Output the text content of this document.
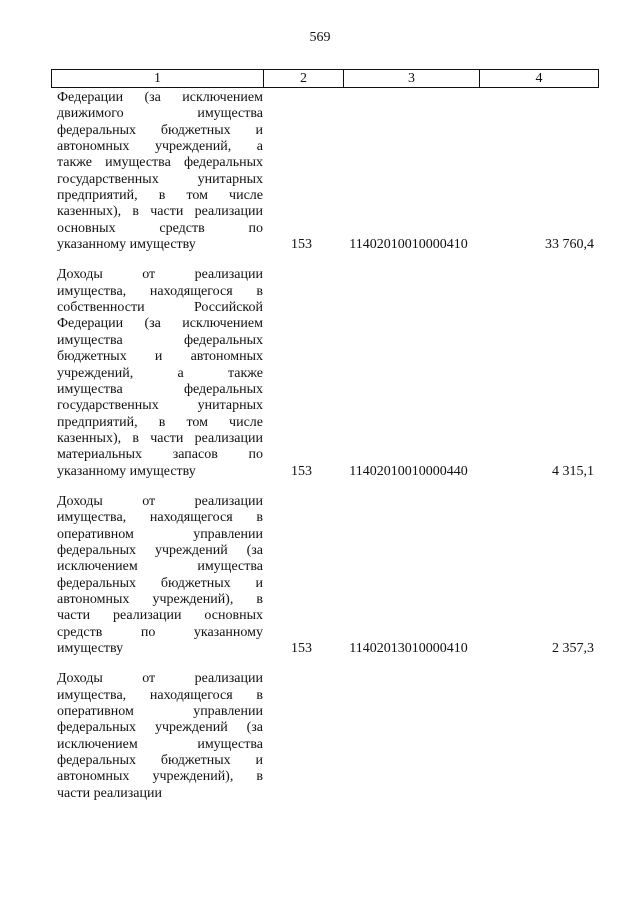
569
1	2	3	4
Федерации (за исключением
движимого имущества
федеральных бюджетных и
автономных учреждений, а
также имущества федеральных
государственных унитарных
предприятий, в том числе
казенных), в части реализации
основных средств по
указанному имуществу	153	11402010010000410	33 760,4
Доходы от реализации
имущества, находящегося в
собственности Российской
Федерации (за исключением
имущества федеральных
бюджетных и автономных
учреждений, а также
имущества федеральных
государственных унитарных
предприятий, в том числе
казенных), в части реализации
материальных запасов по
указанному имуществу	153	11402010010000440	4 315,1
Доходы от реализации
имущества, находящегося в
оперативном управлении
федеральных учреждений (за
исключением имущества
федеральных бюджетных и
автономных учреждений), в
части реализации основных
средств по указанному
имуществу	153	11402013010000410	2 357,3
Доходы от реализации
имущества, находящегося в
оперативном управлении
федеральных учреждений (за
исключением имущества
федеральных бюджетных и
автономных учреждений), в
части реализации
